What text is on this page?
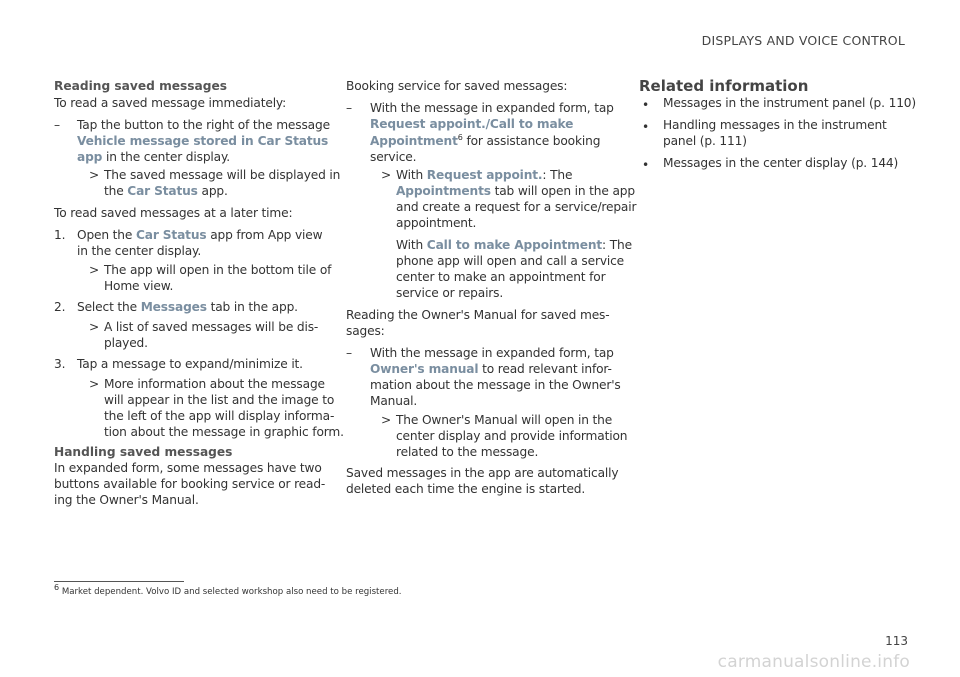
DISPLAYS AND VOICE CONTROL
Reading saved messages
To read a saved message immediately:
– Tap the button to the right of the message
Vehicle message stored in Car Status
app in the center display.
> The saved message will be displayed in
the Car Status app.
To read saved messages at a later time:
1. Open the Car Status app from App view
in the center display.
> The app will open in the bottom tile of
Home view.
2. Select the Messages tab in the app.
> A list of saved messages will be dis-
played.
3. Tap a message to expand/minimize it.
> More information about the message
will appear in the list and the image to
the left of the app will display informa-
tion about the message in graphic form.
Handling saved messages
In expanded form, some messages have two
buttons available for booking service or read-
ing the Owner's Manual.
Booking service for saved messages:
– With the message in expanded form, tap
Request appoint./Call to make
Appointment$^6$ for assistance booking
service.
> With Request appoint.: The
Appointments tab will open in the app
and create a request for a service/repair
appointment.
With Call to make Appointment: The
phone app will open and call a service
center to make an appointment for
service or repairs.
Reading the Owner's Manual for saved mes-
sages:
– With the message in expanded form, tap
Owner's manual to read relevant infor-
mation about the message in the Owner's
Manual.
> The Owner's Manual will open in the
center display and provide information
related to the message.
Saved messages in the app are automatically
deleted each time the engine is started.
Related information
• Messages in the instrument panel (p. 110)
• Handling messages in the instrument
panel (p. 111)
• Messages in the center display (p. 144)
$^6$ Market dependent. Volvo ID and selected workshop also need to be registered.
113
carmanualsonline.info
